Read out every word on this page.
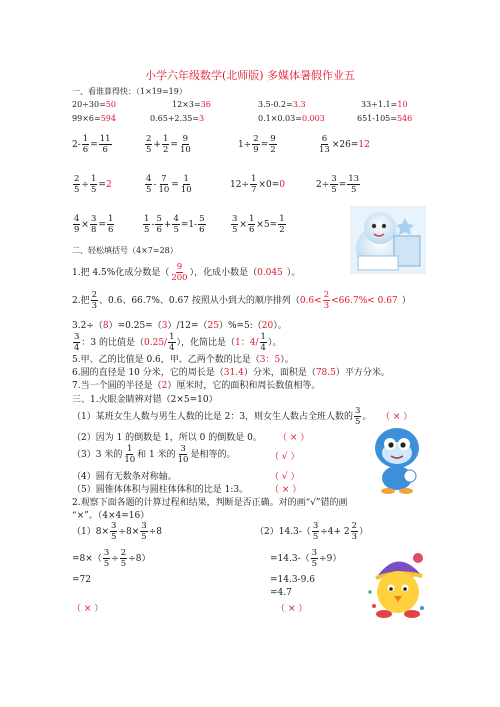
小学六年级数学(北师版) 多媒体暑假作业五
一、看谁算得快：（1×19=19）
20÷30=50	12×3=36	3.5-0.2=3.3	33÷1.1=10
99×6=594	0.65+2.35=3	0.1×0.03=0.003	651-105=546
$2- \frac{1}{6} = \frac{11}{6}$	$\frac{2}{5} + \frac{1}{2} = \frac{9}{10}$	$1\div \frac{2}{9} = \frac{9}{2}$	$\frac{6}{13} \times 26=12$
$\frac{2}{5} \div \frac{1}{5} =2$	$\frac{4}{5} - \frac{7}{10} = \frac{1}{10}$	$12\div \frac{1}{7} \times 0=0$	$2\div \frac{3}{5} = \frac{13}{5}$
$\frac{4}{9} \times \frac{3}{8} = \frac{1}{6}$	$\frac{1}{5} - \frac{5}{6} + \frac{4}{5} =1- \frac{5}{6}$	$\frac{3}{5} \times \frac{1}{6} \times 5= \frac{1}{2}$
二、轻松填括号（4×7=28）
1.把 4.5%化成分数是（ $\frac{9}{200}$ ），化成小数是（0.045 ）。
2.把 $\frac{2}{3}$ 、0.6、66.7%、0.67 按照从小到大的顺序排列（$0.6< \frac{2}{3} <66.7\%< 0.67$ ）
3.2÷（8）=0.25=（3）/12=（25）%=5:（20）。
$\frac{3}{4}$ ：3 的比值是（$0.25/ \frac{1}{4}$ ），化简比是（1：$4/ \frac{1}{4}$ ）。
5.甲、乙的比值是 0.6，甲、乙两个数的比是（3：5）。
6.圆的直径是 10 分米，它的周长是（31.4）分米，面积是（78.5）平方分米。
7.当一个圆的半径是（2）厘米时，它的面积和周长数值相等。
三、1.火眼金睛辨对错（2×5=10）
（1）某班女生人数与男生人数的比是 2：3，则女生人数占全班人数的 $\frac{3}{5}$ 。 （ × ）
（2）因为 1 的倒数是 1，所以 0 的倒数是 0。 （ × ）
（3）3 米的 $\frac{1}{10}$ 和 1 米的 $\frac{3}{10}$ 是相等的。	（ √ ）
（4）圆有无数条对称轴。	（ √ ）
（5）圆锥体体积与圆柱体体积的比是 1:3。 （ × ）
2.观察下面各题的计算过程和结果，判断是否正确。对的画“√”错的画
“×”。（4×4=16）
$(1)8\times \frac{3}{5} \div 8\times \frac{3}{5} \div 8$
$=8\times( \frac{3}{5} \div \frac{2}{5} \div 8)$
=72
（ × ）
$(2)14.3-( \frac{3}{5} \div 4+ 2 \frac{2}{3}$ ）
$=14.3-( \frac{3}{5} \div 9)$
=14.3-9.6
=4.7
（ × ）
